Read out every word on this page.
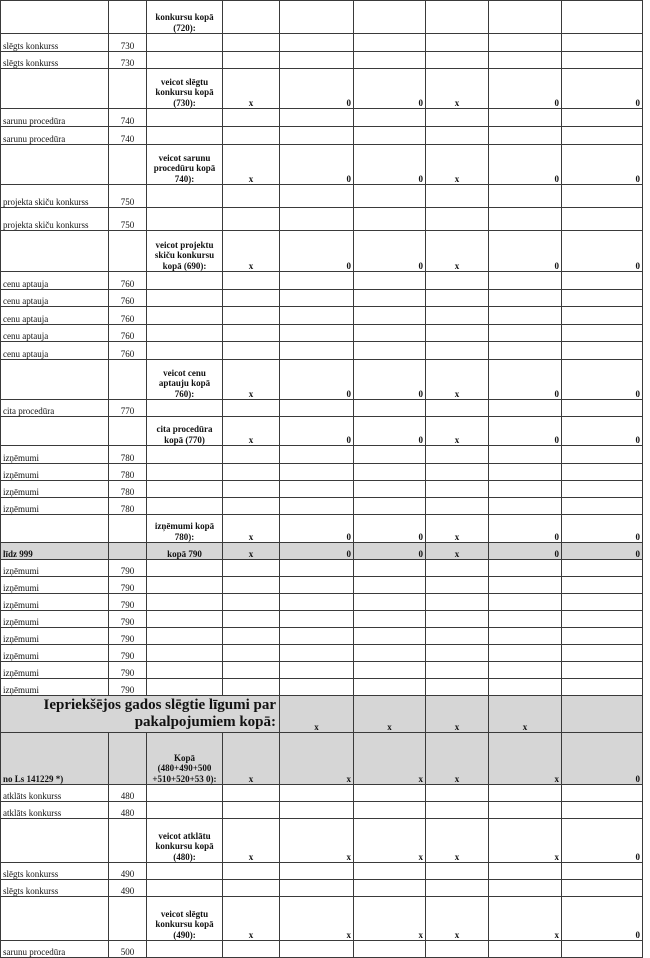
		konkursu kopā (720):						
slēgts konkurss	730							
slēgts konkurss	730							
		veicot slēgtu konkursu kopā (730):	x	0	0	x	0	0
sarunu procedūra	740							
sarunu procedūra	740							
		veicot sarunu procedūru kopā 740):	x	0	0	x	0	0
projekta skiču konkurss	750							
projekta skiču konkurss	750							
		veicot projektu skiču konkursu kopā (690):	x	0	0	x	0	0
cenu aptauja	760							
cenu aptauja	760							
cenu aptauja	760							
cenu aptauja	760							
cenu aptauja	760							
		veicot cenu aptauju kopā 760):	x	0	0	x	0	0
cita procedūra	770							
		cita procedūra kopā (770)	x	0	0	x	0	0
izņēmumi	780							
izņēmumi	780							
izņēmumi	780							
izņēmumi	780							
		izņēmumi kopā 780):	x	0	0	x	0	0
līdz 999		kopā 790	x	0	0	x	0	0
izņēmumi	790							
izņēmumi	790							
izņēmumi	790							
izņēmumi	790							
izņēmumi	790							
izņēmumi	790							
izņēmumi	790							
izņēmumi	790							
Iepriekšējos gados slēgtie līgumi par pakalpojumiem kopā:				x	x	x	x	
no Ls 141229 *)		Kopā (480+490+500 +510+520+53 0):	x	x	x	x	x	0
atklāts konkurss	480							
atklāts konkurss	480							
		veicot atklātu konkursu kopā (480):	x	x	x	x	x	0
slēgts konkurss	490							
slēgts konkurss	490							
		veicot slēgtu konkursu kopā (490):	x	x	x	x	x	0
sarunu procedūra	500							
